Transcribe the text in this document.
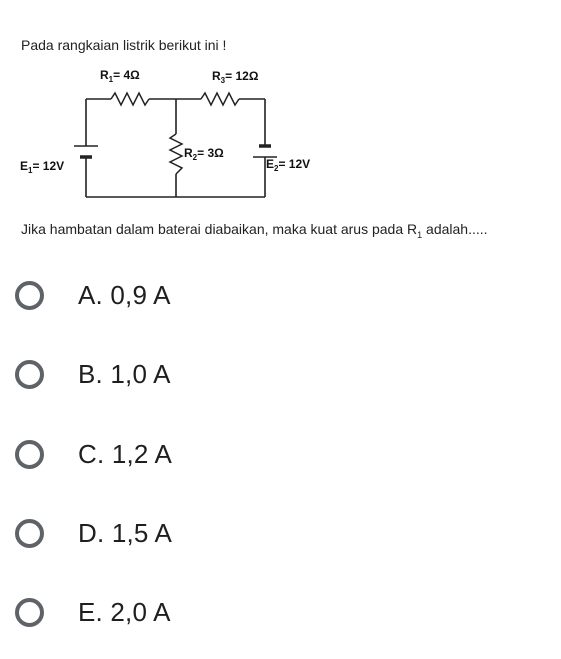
Pada rangkaian listrik berikut ini !
$R_1= 4\Omega$	$R_3= 12\Omega$
$R_2= 3\Omega$
$E_1= 12V$	$E_2= 12V$
Jika hambatan dalam baterai diabaikan, maka kuat arus pada $R_1$ adalah.....
A. 0,9 A
B. 1,0 A
C. 1,2 A
D. 1,5 A
E. 2,0 A
